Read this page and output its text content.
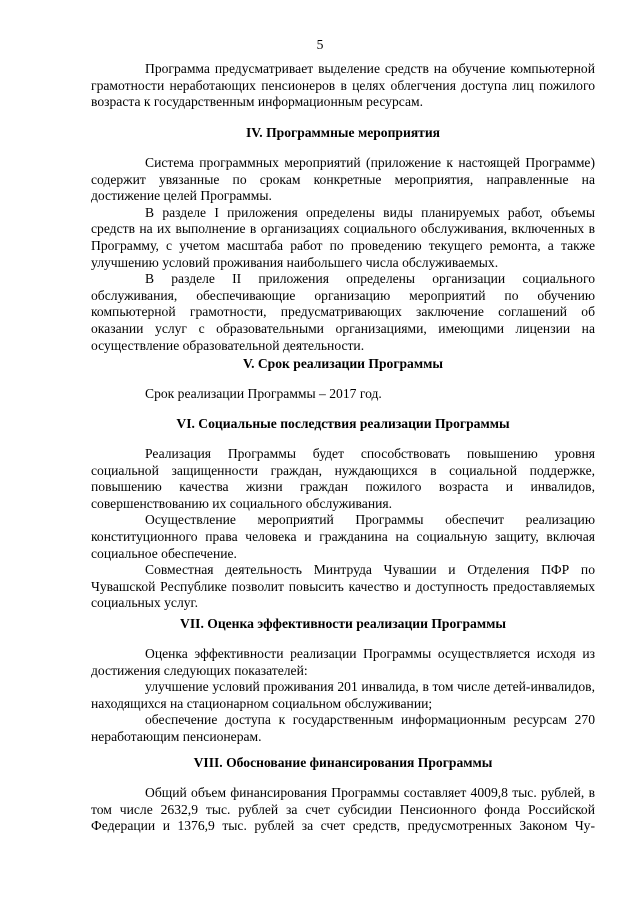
5

Программа предусматривает выделение средств на обучение компьютерной грамотности неработающих пенсионеров в целях облегчения доступа лиц пожилого возраста к государственным информационным ресурсам.

IV. Программные мероприятия

Система программных мероприятий (приложение к настоящей Программе) содержит увязанные по срокам конкретные мероприятия, направленные на достижение целей Программы.

В разделе I приложения определены виды планируемых работ, объемы средств на их выполнение в организациях социального обслуживания, включенных в Программу, с учетом масштаба работ по проведению текущего ремонта, а также улучшению условий проживания наибольшего числа обслуживаемых.

В разделе II приложения определены организации социального обслуживания, обеспечивающие организацию мероприятий по обучению компьютерной грамотности, предусматривающих заключение соглашений об оказании услуг с образовательными организациями, имеющими лицензии на осуществление образовательной деятельности.

V. Срок реализации Программы

Срок реализации Программы – 2017 год.

VI. Социальные последствия реализации Программы

Реализация Программы будет способствовать повышению уровня социальной защищенности граждан, нуждающихся в социальной поддержке, повышению качества жизни граждан пожилого возраста и инвалидов, совершенствованию их социального обслуживания.

Осуществление мероприятий Программы обеспечит реализацию конституционного права человека и гражданина на социальную защиту, включая социальное обеспечение.

Совместная деятельность Минтруда Чувашии и Отделения ПФР по Чувашской Республике позволит повысить качество и доступность предоставляемых социальных услуг.

VII. Оценка эффективности реализации Программы

Оценка эффективности реализации Программы осуществляется исходя из достижения следующих показателей:

улучшение условий проживания 201 инвалида, в том числе детей-инвалидов, находящихся на стационарном социальном обслуживании;

обеспечение доступа к государственным информационным ресурсам 270 неработающим пенсионерам.

VIII. Обоснование финансирования Программы

Общий объем финансирования Программы составляет 4009,8 тыс. рублей, в том числе 2632,9 тыс. рублей за счет субсидии Пенсионного фонда Российской Федерации и 1376,9 тыс. рублей за счет средств, предусмотренных Законом Чу-
